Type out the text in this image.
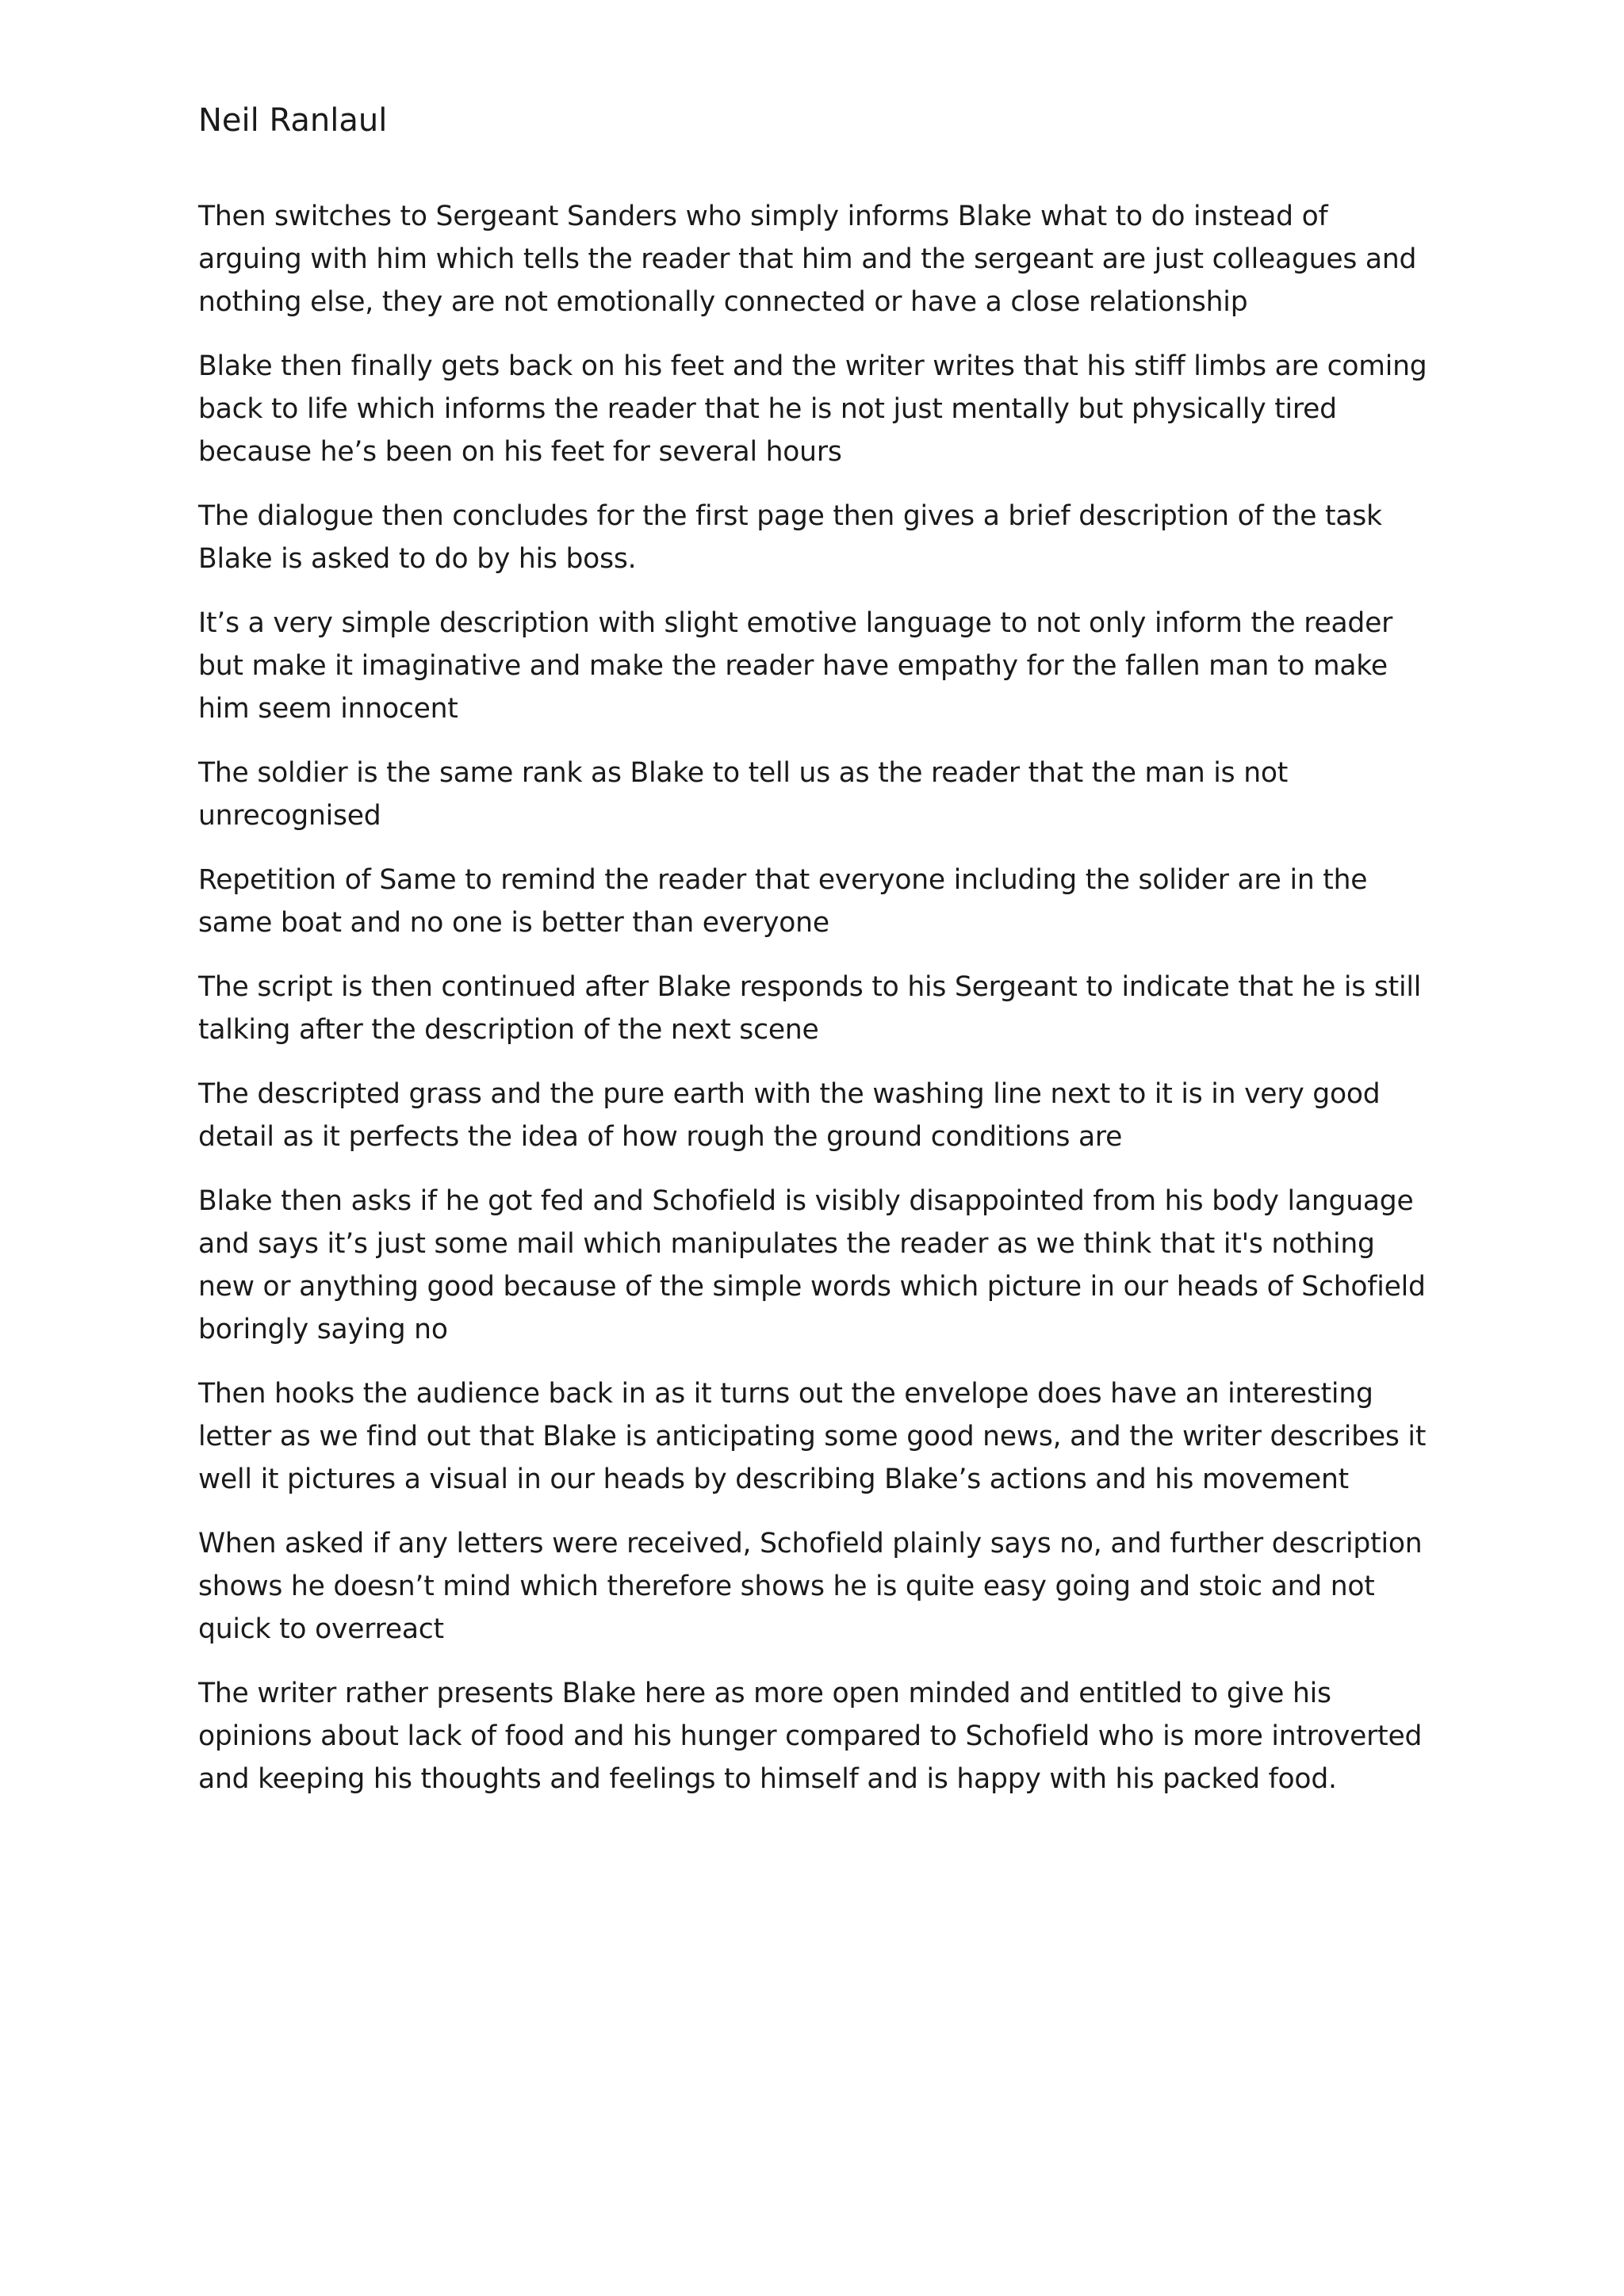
Neil Ranlaul

Then switches to Sergeant Sanders who simply informs Blake what to do instead of arguing with him which tells the reader that him and the sergeant are just colleagues and nothing else, they are not emotionally connected or have a close relationship

Blake then finally gets back on his feet and the writer writes that his stiff limbs are coming back to life which informs the reader that he is not just mentally but physically tired because he’s been on his feet for several hours

The dialogue then concludes for the first page then gives a brief description of the task Blake is asked to do by his boss.

It’s a very simple description with slight emotive language to not only inform the reader but make it imaginative and make the reader have empathy for the fallen man to make him seem innocent

The soldier is the same rank as Blake to tell us as the reader that the man is not unrecognised

Repetition of Same to remind the reader that everyone including the solider are in the same boat and no one is better than everyone

The script is then continued after Blake responds to his Sergeant to indicate that he is still talking after the description of the next scene

The descripted grass and the pure earth with the washing line next to it is in very good detail as it perfects the idea of how rough the ground conditions are

Blake then asks if he got fed and Schofield is visibly disappointed from his body language and says it’s just some mail which manipulates the reader as we think that it's nothing new or anything good because of the simple words which picture in our heads of Schofield boringly saying no

Then hooks the audience back in as it turns out the envelope does have an interesting letter as we find out that Blake is anticipating some good news, and the writer describes it well it pictures a visual in our heads by describing Blake’s actions and his movement

When asked if any letters were received, Schofield plainly says no, and further description shows he doesn’t mind which therefore shows he is quite easy going and stoic and not quick to overreact

The writer rather presents Blake here as more open minded and entitled to give his opinions about lack of food and his hunger compared to Schofield who is more introverted and keeping his thoughts and feelings to himself and is happy with his packed food.
